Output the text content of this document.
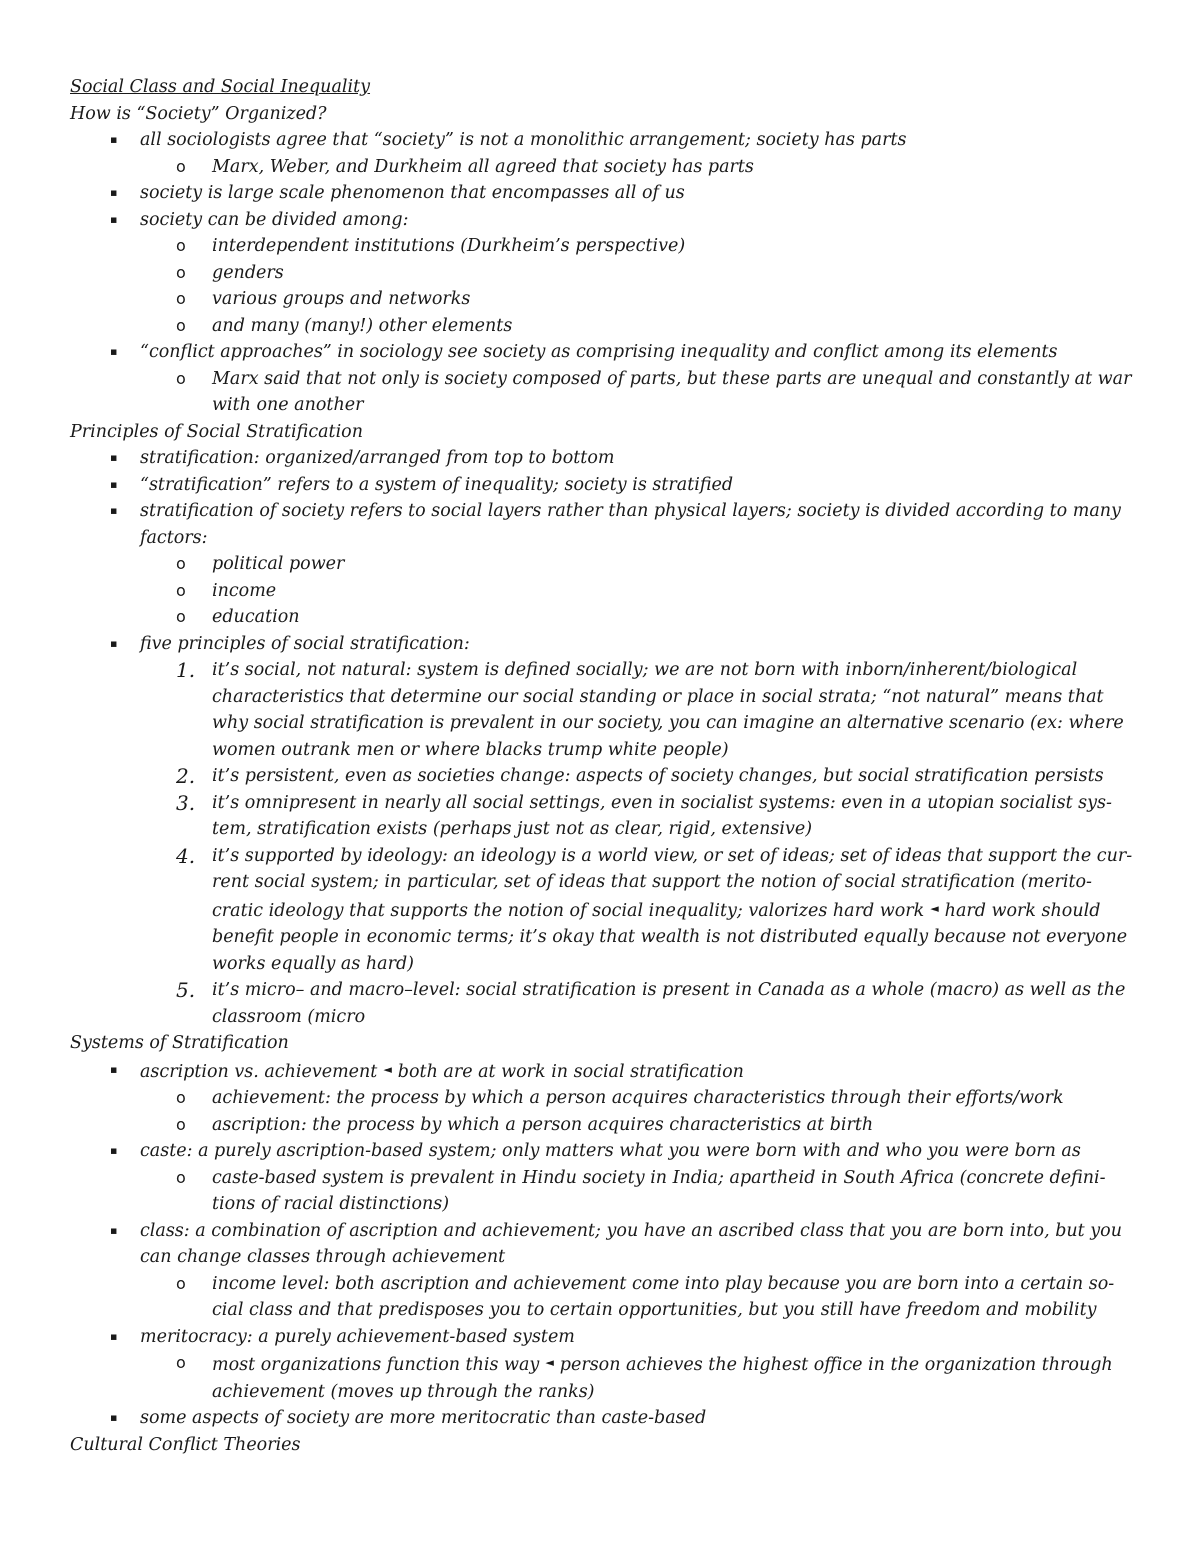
Social Class and Social Inequality

How is “Society” Organized?

▪ all sociologists agree that “society” is not a monolithic arrangement; society has parts
o Marx, Weber, and Durkheim all agreed that society has parts
▪ society is large scale phenomenon that encompasses all of us
▪ society can be divided among:
o interdependent institutions (Durkheim’s perspective)
o genders
o various groups and networks
o and many (many!) other elements
▪ “conflict approaches” in sociology see society as comprising inequality and conflict among its elements
o Marx said that not only is society composed of parts, but these parts are unequal and constantly at war with one another

Principles of Social Stratification

▪ stratification: organized/arranged from top to bottom
▪ “stratification” refers to a system of inequality; society is stratified
▪ stratification of society refers to social layers rather than physical layers; society is divided according to many factors:
o political power
o income
o education
▪ five principles of social stratification:
1. it’s social, not natural: system is defined socially; we are not born with inborn/inherent/biological characteristics that determine our social standing or place in social strata; “not natural” means that why social stratification is prevalent in our society, you can imagine an alternative scenario (ex: where women outrank men or where blacks trump white people)
2. it’s persistent, even as societies change: aspects of society changes, but social stratification persists
3. it’s omnipresent in nearly all social settings, even in socialist systems: even in a utopian socialist sys-tem, stratification exists (perhaps just not as clear, rigid, extensive)
4. it’s supported by ideology: an ideology is a world view, or set of ideas; set of ideas that support the cur-rent social system; in particular, set of ideas that support the notion of social stratification (merito-cratic ideology that supports the notion of social inequality; valorizes hard work ◄ hard work should benefit people in economic terms; it’s okay that wealth is not distributed equally because not everyone works equally as hard)
5. it’s micro– and macro–level: social stratification is present in Canada as a whole (macro) as well as the classroom (micro

Systems of Stratification

▪ ascription vs. achievement ◄ both are at work in social stratification
o achievement: the process by which a person acquires characteristics through their efforts/work
o ascription: the process by which a person acquires characteristics at birth
▪ caste: a purely ascription-based system; only matters what you were born with and who you were born as
o caste-based system is prevalent in Hindu society in India; apartheid in South Africa (concrete defini-tions of racial distinctions)
▪ class: a combination of ascription and achievement; you have an ascribed class that you are born into, but you can change classes through achievement
o income level: both ascription and achievement come into play because you are born into a certain so-cial class and that predisposes you to certain opportunities, but you still have freedom and mobility
▪ meritocracy: a purely achievement-based system
o most organizations function this way ◄ person achieves the highest office in the organization through achievement (moves up through the ranks)
▪ some aspects of society are more meritocratic than caste-based

Cultural Conflict Theories
